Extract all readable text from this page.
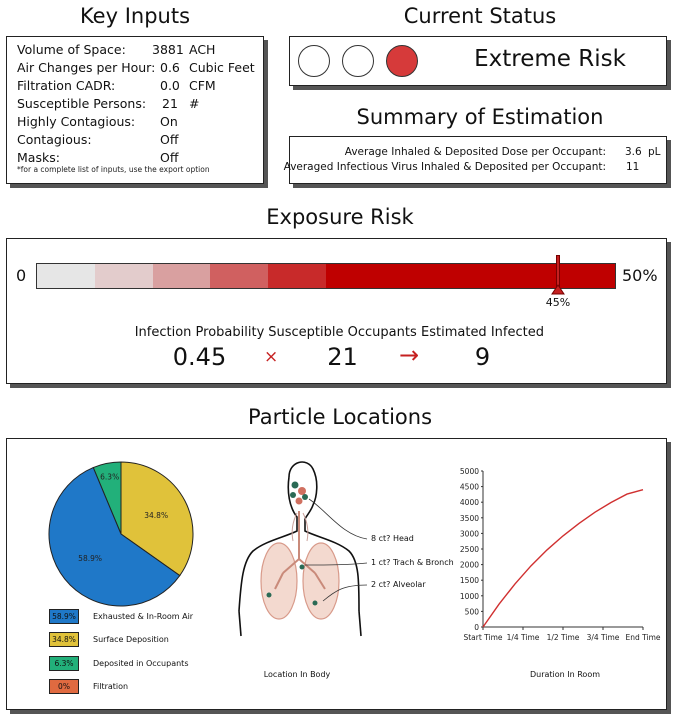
Key Inputs	Current Status
Summary of Estimation
Exposure Risk
Particle Locations
Volume of Space: 3881 ACH
Air Changes per Hour: 0.6 Cubic Feet
Filtration CADR:	0.0 CFM
Susceptible Persons: 21 #
Highly Contagious: On
Contagious:	Off
Masks:	Off
*for a complete list of inputs, use the export option
Extreme Risk
Average Inhaled & Deposited Dose per Occupant: 3.6 pL
Averaged Infectious Virus Inhaled & Deposited per Occupant: 11
0	50%
45%
Infection Probability
0.45	×
Susceptible Occupants
21	→
Estimated Infected
9
6.3%
34.8%
58.9%
58.9%	Exhausted & In-Room Air
34.8%	Surface Deposition
6.3%	Deposited in Occupants
0%	Filtration
8 ct? Head
1 ct? Trach & Bronch
2 ct? Alveolar
Location In Body
0
500
1000
1500
2000
2500
3000
3500
4000
4500
5000
Start Time 1/4 Time 1/2 Time 3/4 Time End Time
Duration In Room
